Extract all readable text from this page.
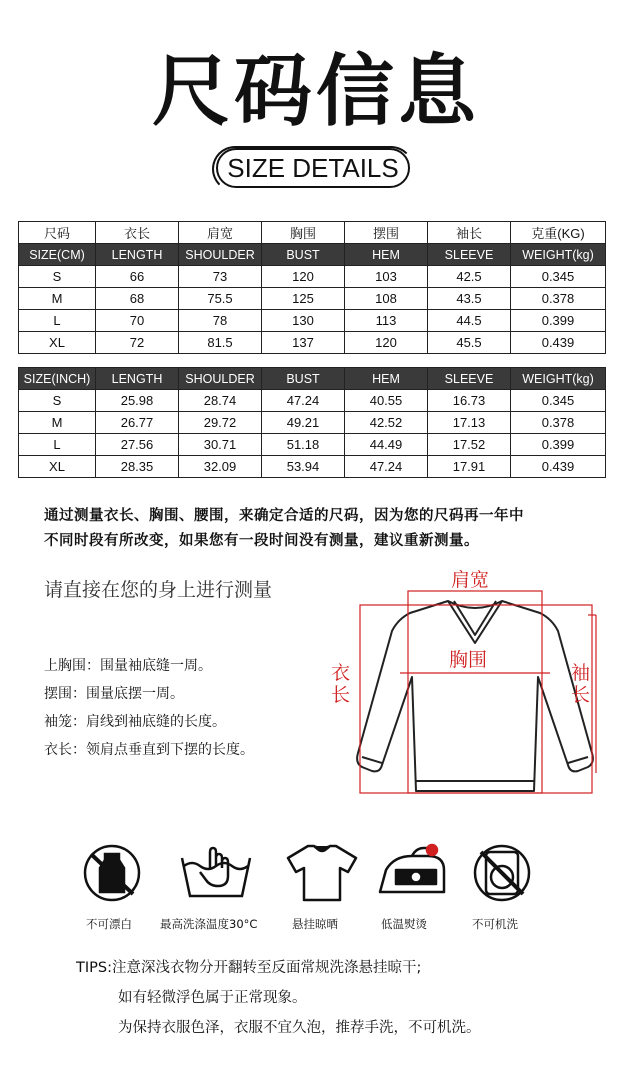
尺码信息
SIZE DETAILS
尺码	衣长	肩宽	胸围	摆围	袖长	克重(KG)
SIZE(CM)	LENGTH	SHOULDER	BUST	HEM	SLEEVE	WEIGHT(kg)
S	66	73	120	103	42.5	0.345
M	68	75.5	125	108	43.5	0.378
L	70	78	130	113	44.5	0.399
XL	72	81.5	137	120	45.5	0.439
SIZE(INCH)	LENGTH	SHOULDER	BUST	HEM	SLEEVE	WEIGHT(kg)
S	25.98	28.74	47.24	40.55	16.73	0.345
M	26.77	29.72	49.21	42.52	17.13	0.378
L	27.56	30.71	51.18	44.49	17.52	0.399
XL	28.35	32.09	53.94	47.24	17.91	0.439
通过测量衣长、胸围、腰围，来确定合适的尺码，因为您的尺码再一年中
不同时段有所改变，如果您有一段时间没有测量，建议重新测量。
请直接在您的身上进行测量
上胸围：围量袖底缝一周。
摆围：围量底摆一周。
袖笼：肩线到袖底缝的长度。
衣长：领肩点垂直到下摆的长度。
肩宽
胸围
衣长
袖长
不可漂白 最高洗涤温度30°C	悬挂晾晒	低温熨烫	不可机洗
TIPS:注意深浅衣物分开翻转至反面常规洗涤悬挂晾干;
如有轻微浮色属于正常现象。
为保持衣服色泽，衣服不宜久泡，推荐手洗，不可机洗。
